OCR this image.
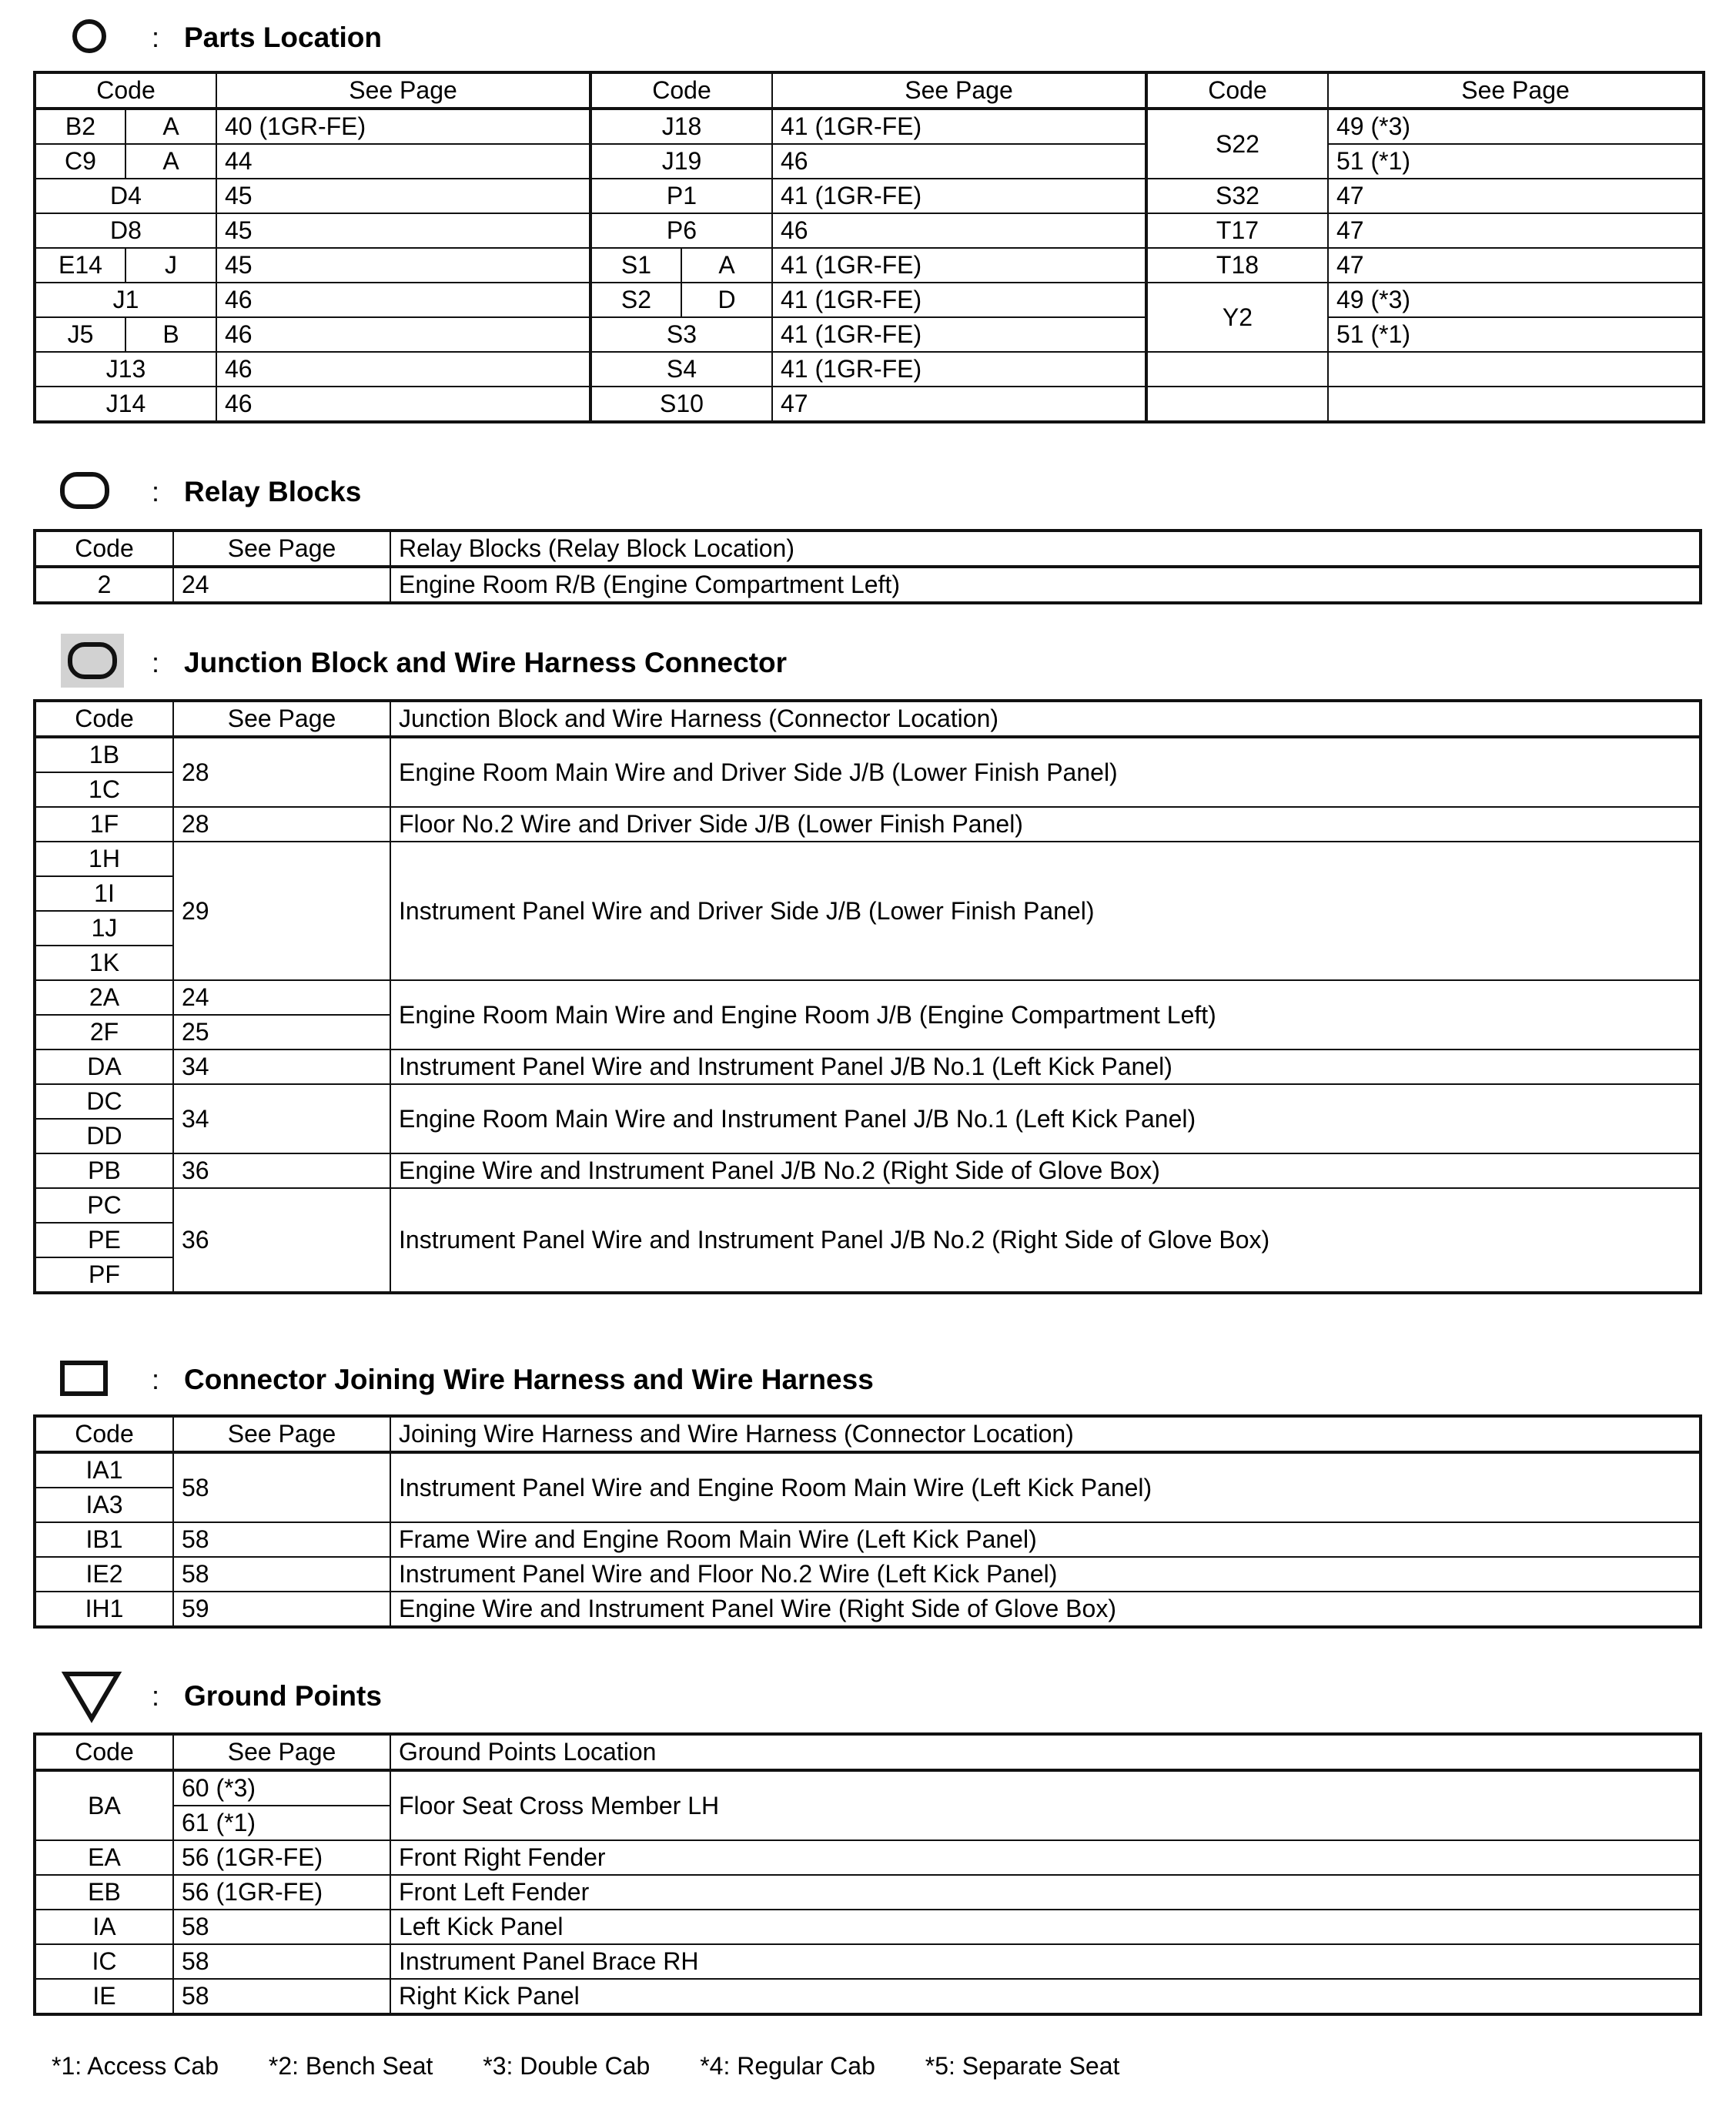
: Parts Location
Code		See Page	Code		See Page	Code	See Page
B2	A	40 (1GR-FE)	J18		41 (1GR-FE)	S22	49 (*3)
C9	A	44	J19		46		51 (*1)
D4		45	P1		41 (1GR-FE)	S32	47
D8		45	P6		46	T17	47
E14	J	45	S1	A	41 (1GR-FE)	T18	47
J1		46	S2	D	41 (1GR-FE)	Y2	49 (*3)
J5	B	46	S3		41 (1GR-FE)		51 (*1)
J13		46	S4		41 (1GR-FE)		
J14		46	S10		47		
: Relay Blocks
Code	See Page	Relay Blocks (Relay Block Location)
2	24	Engine Room R/B (Engine Compartment Left)
: Junction Block and Wire Harness Connector
Code	See Page	Junction Block and Wire Harness (Connector Location)
1B	28	Engine Room Main Wire and Driver Side J/B (Lower Finish Panel)
1C		
1F	28	Floor No.2 Wire and Driver Side J/B (Lower Finish Panel)
1H	29	Instrument Panel Wire and Driver Side J/B (Lower Finish Panel)
1I		
1J		
1K		
2A	24	Engine Room Main Wire and Engine Room J/B (Engine Compartment Left)
2F	25	
DA	34	Instrument Panel Wire and Instrument Panel J/B No.1 (Left Kick Panel)
DC	34	Engine Room Main Wire and Instrument Panel J/B No.1 (Left Kick Panel)
DD		
PB	36	Engine Wire and Instrument Panel J/B No.2 (Right Side of Glove Box)
PC	36	Instrument Panel Wire and Instrument Panel J/B No.2 (Right Side of Glove Box)
PE		
PF		
: Connector Joining Wire Harness and Wire Harness
Code	See Page	Joining Wire Harness and Wire Harness (Connector Location)
IA1	58	Instrument Panel Wire and Engine Room Main Wire (Left Kick Panel)
IA3		
IB1	58	Frame Wire and Engine Room Main Wire (Left Kick Panel)
IE2	58	Instrument Panel Wire and Floor No.2 Wire (Left Kick Panel)
IH1	59	Engine Wire and Instrument Panel Wire (Right Side of Glove Box)
: Ground Points
Code	See Page	Ground Points Location
BA	60 (*3)	Floor Seat Cross Member LH
	61 (*1)	
EA	56 (1GR-FE)	Front Right Fender
EB	56 (1GR-FE)	Front Left Fender
IA	58	Left Kick Panel
IC	58	Instrument Panel Brace RH
IE	58	Right Kick Panel
*1: Access Cab *2: Bench Seat *3: Double Cab *4: Regular Cab *5: Separate Seat
